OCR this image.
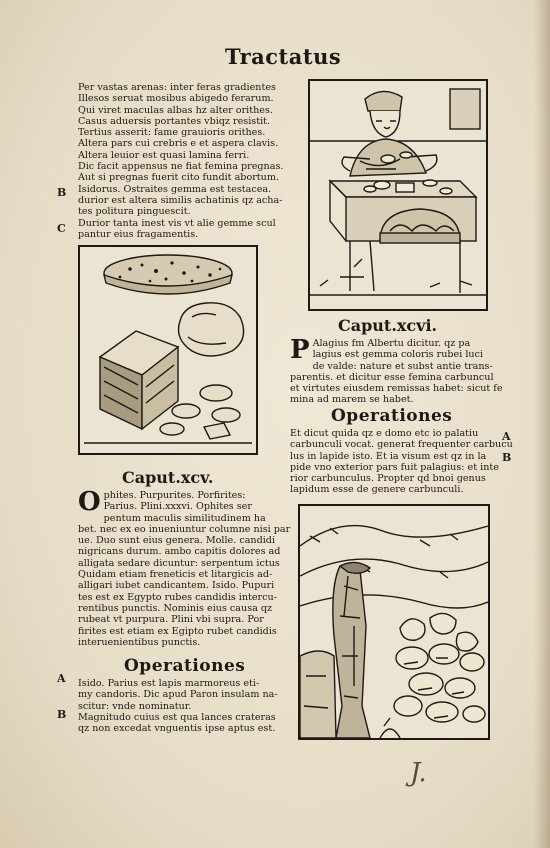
Tractatus

Per vastas arenas: inter feras gradientes

Illesos seruat mosibus abigedo ferarum.

Qui viret maculas albas hz alter orithes.

Casus aduersis portantes vbiqz resistit.

Tertius asserit: fame grauioris orithes.

Altera pars cui crebris e et aspera clavis.

Altera leuior est quasi lamina ferri.

Dic facit appensus ne fiat femina pregnas.

Aut si pregnas fuerit cito fundit abortum.

Isidorus. Ostraites gemma est testacea.

durior est altera similis achatinis qz acha-

tes politura pinguescit.

Durior tanta inest vis vt alie gemme scul

pantur eius fragamentis.

B
C
Caput.xcvi.
P Alagius fm Albertu dicitur. qz pa

lagius est gemma coloris rubei luci

de valde: nature et subst antie trans-

parentis. et dicitur esse femina carbuncul

et virtutes eiusdem remissas habet: sicut fe

mina ad marem se habet.

Operationes

Et dicut quida qz e domo etc io palatiu

carbunculi vocat. generat frequenter carbucu

lus in lapide isto. Et ia visum est qz in la

pide vno exterior pars fuit palagius: et inte

rior carbunculus. Propter qd bnoi genus

lapidum esse de genere carbunculi.

A
B
Caput.xcv.
O phites. Purpurites. Porfirites:

Parius. Plini.xxxvi. Ophites ser

pentum maculis similitudinem ha

bet. nec ex eo inueniuntur columne nisi par

ue. Duo sunt eius genera. Molle. candidi

nigricans durum. ambo capitis dolores ad

alligata sedare dicuntur: serpentum ictus

Quidam etiam freneticis et litargicis ad-

alligari iubet candicantem. Isido. Pupuri

tes est ex Egypto rubes candidis intercu-

rentibus punctis. Nominis eius causa qz

rubeat vt purpura. Plini vbi supra. Por

firites est etiam ex Egipto rubet candidis

interuenientibus punctis.

Operationes

Isido. Parius est lapis marmoreus eti-

my candoris. Dic apud Paron insulam na-

scitur: vnde nominatur.

Magnitudo cuius est qua lances crateras

qz non excedat vnguentis ipse aptus est.

A
B
J.
